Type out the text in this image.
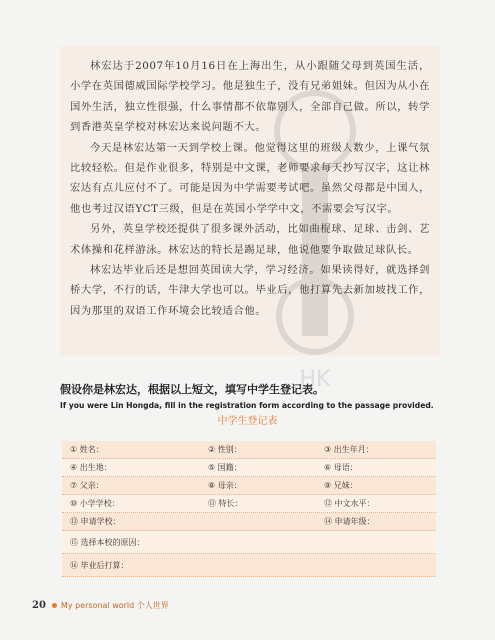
林宏达于2007年10月16日在上海出生，从小跟随父母到英国生活，小学在英国德威国际学校学习。他是独生子，没有兄弟姐妹。但因为从小在国外生活，独立性很强，什么事情都不依靠别人，全部自己做。所以，转学到香港英皇学校对林宏达来说问题不大。

今天是林宏达第一天到学校上课。他觉得这里的班级人数少，上课气氛比较轻松。但是作业很多，特别是中文课，老师要求每天抄写汉字，这让林宏达有点儿应付不了。可能是因为中学需要考试吧。虽然父母都是中国人，他也考过汉语YCT三级，但是在英国小学学中文，不需要会写汉字。

另外，英皇学校还提供了很多课外活动，比如曲棍球、足球、击剑、艺术体操和花样游泳。林宏达的特长是踢足球，他说他要争取做足球队长。

林宏达毕业后还是想回英国读大学，学习经济。如果读得好，就选择剑桥大学，不行的话，牛津大学也可以。毕业后，他打算先去新加坡找工作，因为那里的双语工作环境会比较适合他。

HK

假设你是林宏达，根据以上短文，填写中学生登记表。

If you were Lin Hongda, fill in the registration form according to the passage provided.

中学生登记表
① 姓名：	② 性别：	③ 出生年月：
④ 出生地：	⑤ 国籍：	⑥ 母语：
⑦ 父亲：	⑧ 母亲：	⑨ 兄妹：
⑩ 小学学校：	⑪ 特长：	⑫ 中文水平：
⑬ 申请学校：	⑭ 申请年级：
⑮ 选择本校的原因：
⑯ 毕业后打算：
20 My personal world 个人世界
